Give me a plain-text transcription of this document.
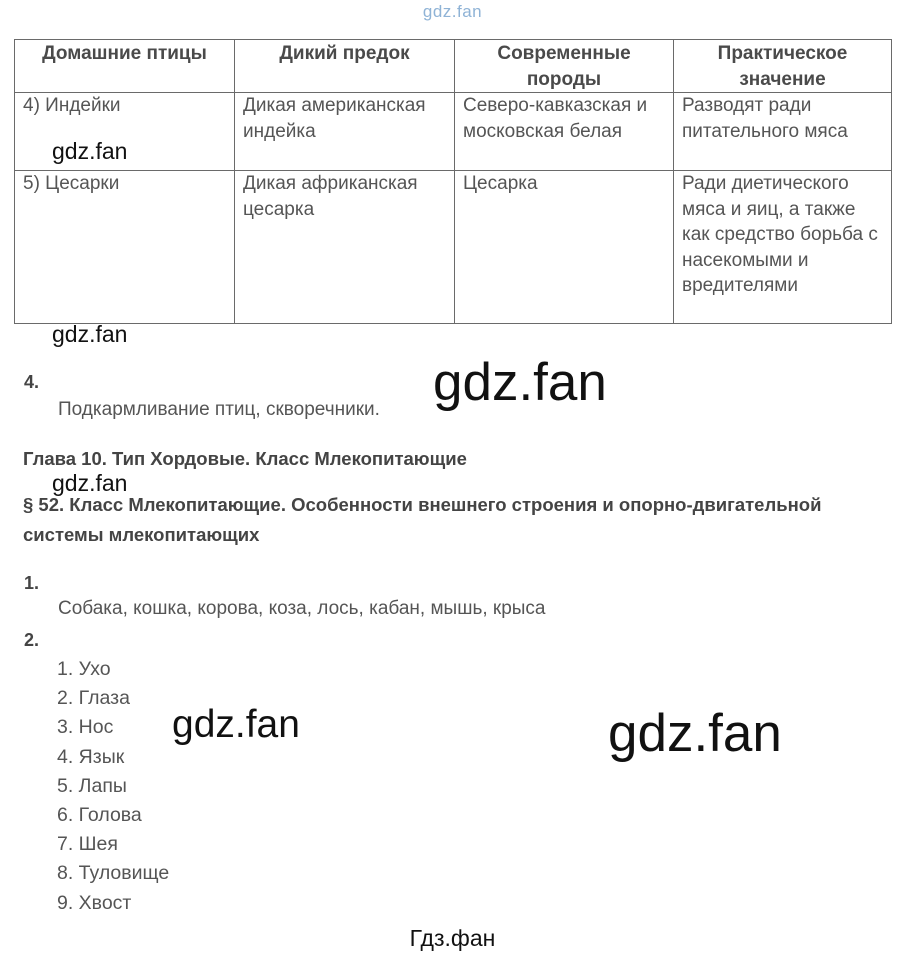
gdz.fan
Домашние птицы	Дикий предок	Современные породы	Практическое значение
4) Индейки	Дикая американская индейка	Северо-кавказская и московская белая	Разводят ради питательного мяса
5) Цесарки	Дикая африканская цесарка	Цесарка	Ради диетического мяса и яиц, а также как средство борьба с насекомыми и вредителями
gdz.fan
gdz.fan
4.
Подкармливание птиц, скворечники. gdz.fan
Глава 10. Тип Хордовые. Класс Млекопитающие
gdz.fan
§ 52. Класс Млекопитающие. Особенности внешнего строения и опорно-двигательной системы млекопитающих
1.
Собака, кошка, корова, коза, лось, кабан, мышь, крыса
2.
1. Ухо
2. Глаза
3. Нос
4. Язык
5. Лапы
6. Голова
7. Шея
8. Туловище
9. Хвост
gdz.fan	gdz.fan
Гдз.фан
